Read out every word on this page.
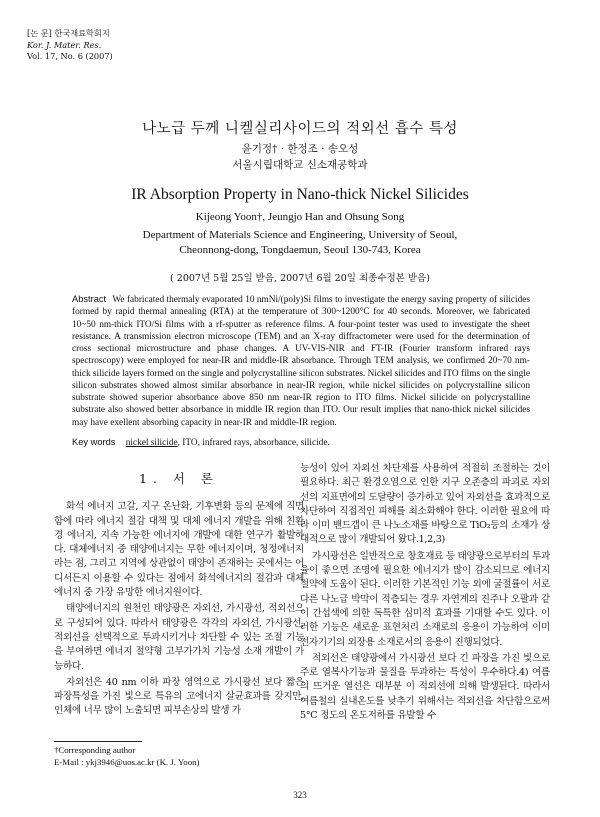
[논 문] 한국재료학회지
Kor. J. Mater. Res.
Vol. 17, No. 6 (2007)
나노급 두께 니켈실리사이드의 적외선 흡수 특성
윤기정† · 한정조 · 송오성
서울시립대학교 신소재공학과
IR Absorption Property in Nano-thick Nickel Silicides
Kijeong Yoon†, Jeungjo Han and Ohsung Song
Department of Materials Science and Engineering, University of Seoul,
Cheonnong-dong, Tongdaemun, Seoul 130-743, Korea
( 2007년 5월 25일 받음, 2007년 6월 20일 최종수정본 받음)
Abstract We fabricated thermaly evaporated 10 nmNi/(poly)Si films to investigate the energy saving property of silicides formed by rapid thermal annealing (RTA) at the temperature of 300~1200°C for 40 seconds. Moreover, we fabricated 10~50 nm-thick ITO/Si films with a rf-sputter as reference films. A four-point tester was used to investigate the sheet resistance. A transmission electron microscope (TEM) and an X-ray diffractometer were used for the determination of cross sectional microstructure and phase changes. A UV-VIS-NIR and FT-IR (Fourier transform infrared rays spectroscopy) were employed for near-IR and middle-IR absorbance. Through TEM analysis, we confirmed 20~70 nm-thick silicide layers formed on the single and polycrystalline silicon substrates. Nickel silicides and ITO films on the single silicon substrates showed almost similar absorbance in near-IR region, while nickel silicides on polycrystalline silicon substrate showed superior absorbance above 850 nm near-IR region to ITO films. Nickel silicide on polycrystalline substrate also showed better absorbance in middle IR region than ITO. Our result implies that nano-thick nickel silicides may have exellent absorbing capacity in near-IR and middle-IR region.
Key words nickel silicide, ITO, infrared rays, absorbance, silicide.
1. 서 론

화석 에너지 고갈, 지구 온난화, 기후변화 등의 문제에 직면함에 따라 에너지 절감 대책 및 대체 에너지 개발을 위해 친환경 에너지, 지속 가능한 에너지에 개발에 대한 연구가 활발하다. 대체에너지 중 태양에너지는 무한 에너지이며, 청정에너지라는 점, 그리고 지역에 상관없이 태양이 존재하는 곳에서는 어디서든지 이용할 수 있다는 점에서 화석에너지의 절감과 대체에너지 중 가장 유망한 에너지원이다.

태양에너지의 원천인 태양광은 자외선, 가시광선, 적외선으로 구성되어 있다. 따라서 태양광은 각각의 자외선, 가시광선, 적외선을 선택적으로 투과시키거나 차단할 수 있는 조절 기능을 부여하면 에너지 절약형 고부가가치 기능성 소재 개발이 가능하다.

자외선은 40 nm 이하 파장 영역으로 가시광선 보다 짧은 파장특성을 가진 빛으로 특유의 고에너지 살균효과를 갖지만, 인체에 너무 많이 노출되면 피부손상의 발생 가

능성이 있어 자외선 차단제를 사용하여 적절히 조절하는 것이 필요하다. 최근 환경오염으로 인한 지구 오존층의 파괴로 자외선의 지표면에의 도달량이 증가하고 있어 자외선을 효과적으로 차단하여 직접적인 피해를 최소화해야 한다. 이러한 필요에 따라 이미 밴드갭이 큰 나노소재를 바탕으로 TiO₂등의 소재가 상대적으로 많이 개발되어 왔다.1,2,3)

가시광선은 일반적으로 창호재료 등 태양광으로부터의 투과율이 좋으면 조명에 필요한 에너지가 많이 감소되므로 에너지 절약에 도움이 된다. 이러한 기본적인 기능 외에 굴절률이 서로 다른 나노급 박막이 적층되는 경우 자연계의 진주나 오팔과 같이 간섭색에 의한 독특한 심미적 효과를 기대할 수도 있다. 이러한 기능은 새로운 표현처리 소재로의 응용이 가능하여 이미 전자기기의 외장용 소재로서의 응용이 진행되었다.

적외선은 태양광에서 가시광선 보다 긴 파장을 가진 빛으로 주로 열복사기능과 물질을 투과하는 특성이 우수하다.4) 여름의 뜨거운 열선은 대부분 이 적외선에 의해 발생된다. 따라서 여름철의 실내온도를 낮추기 위해서는 적외선을 차단함으로써 5°C 정도의 온도저하를 유발할 수

†Corresponding author
E-Mail : ykj3946@uos.ac.kr (K. J. Yoon)
323
